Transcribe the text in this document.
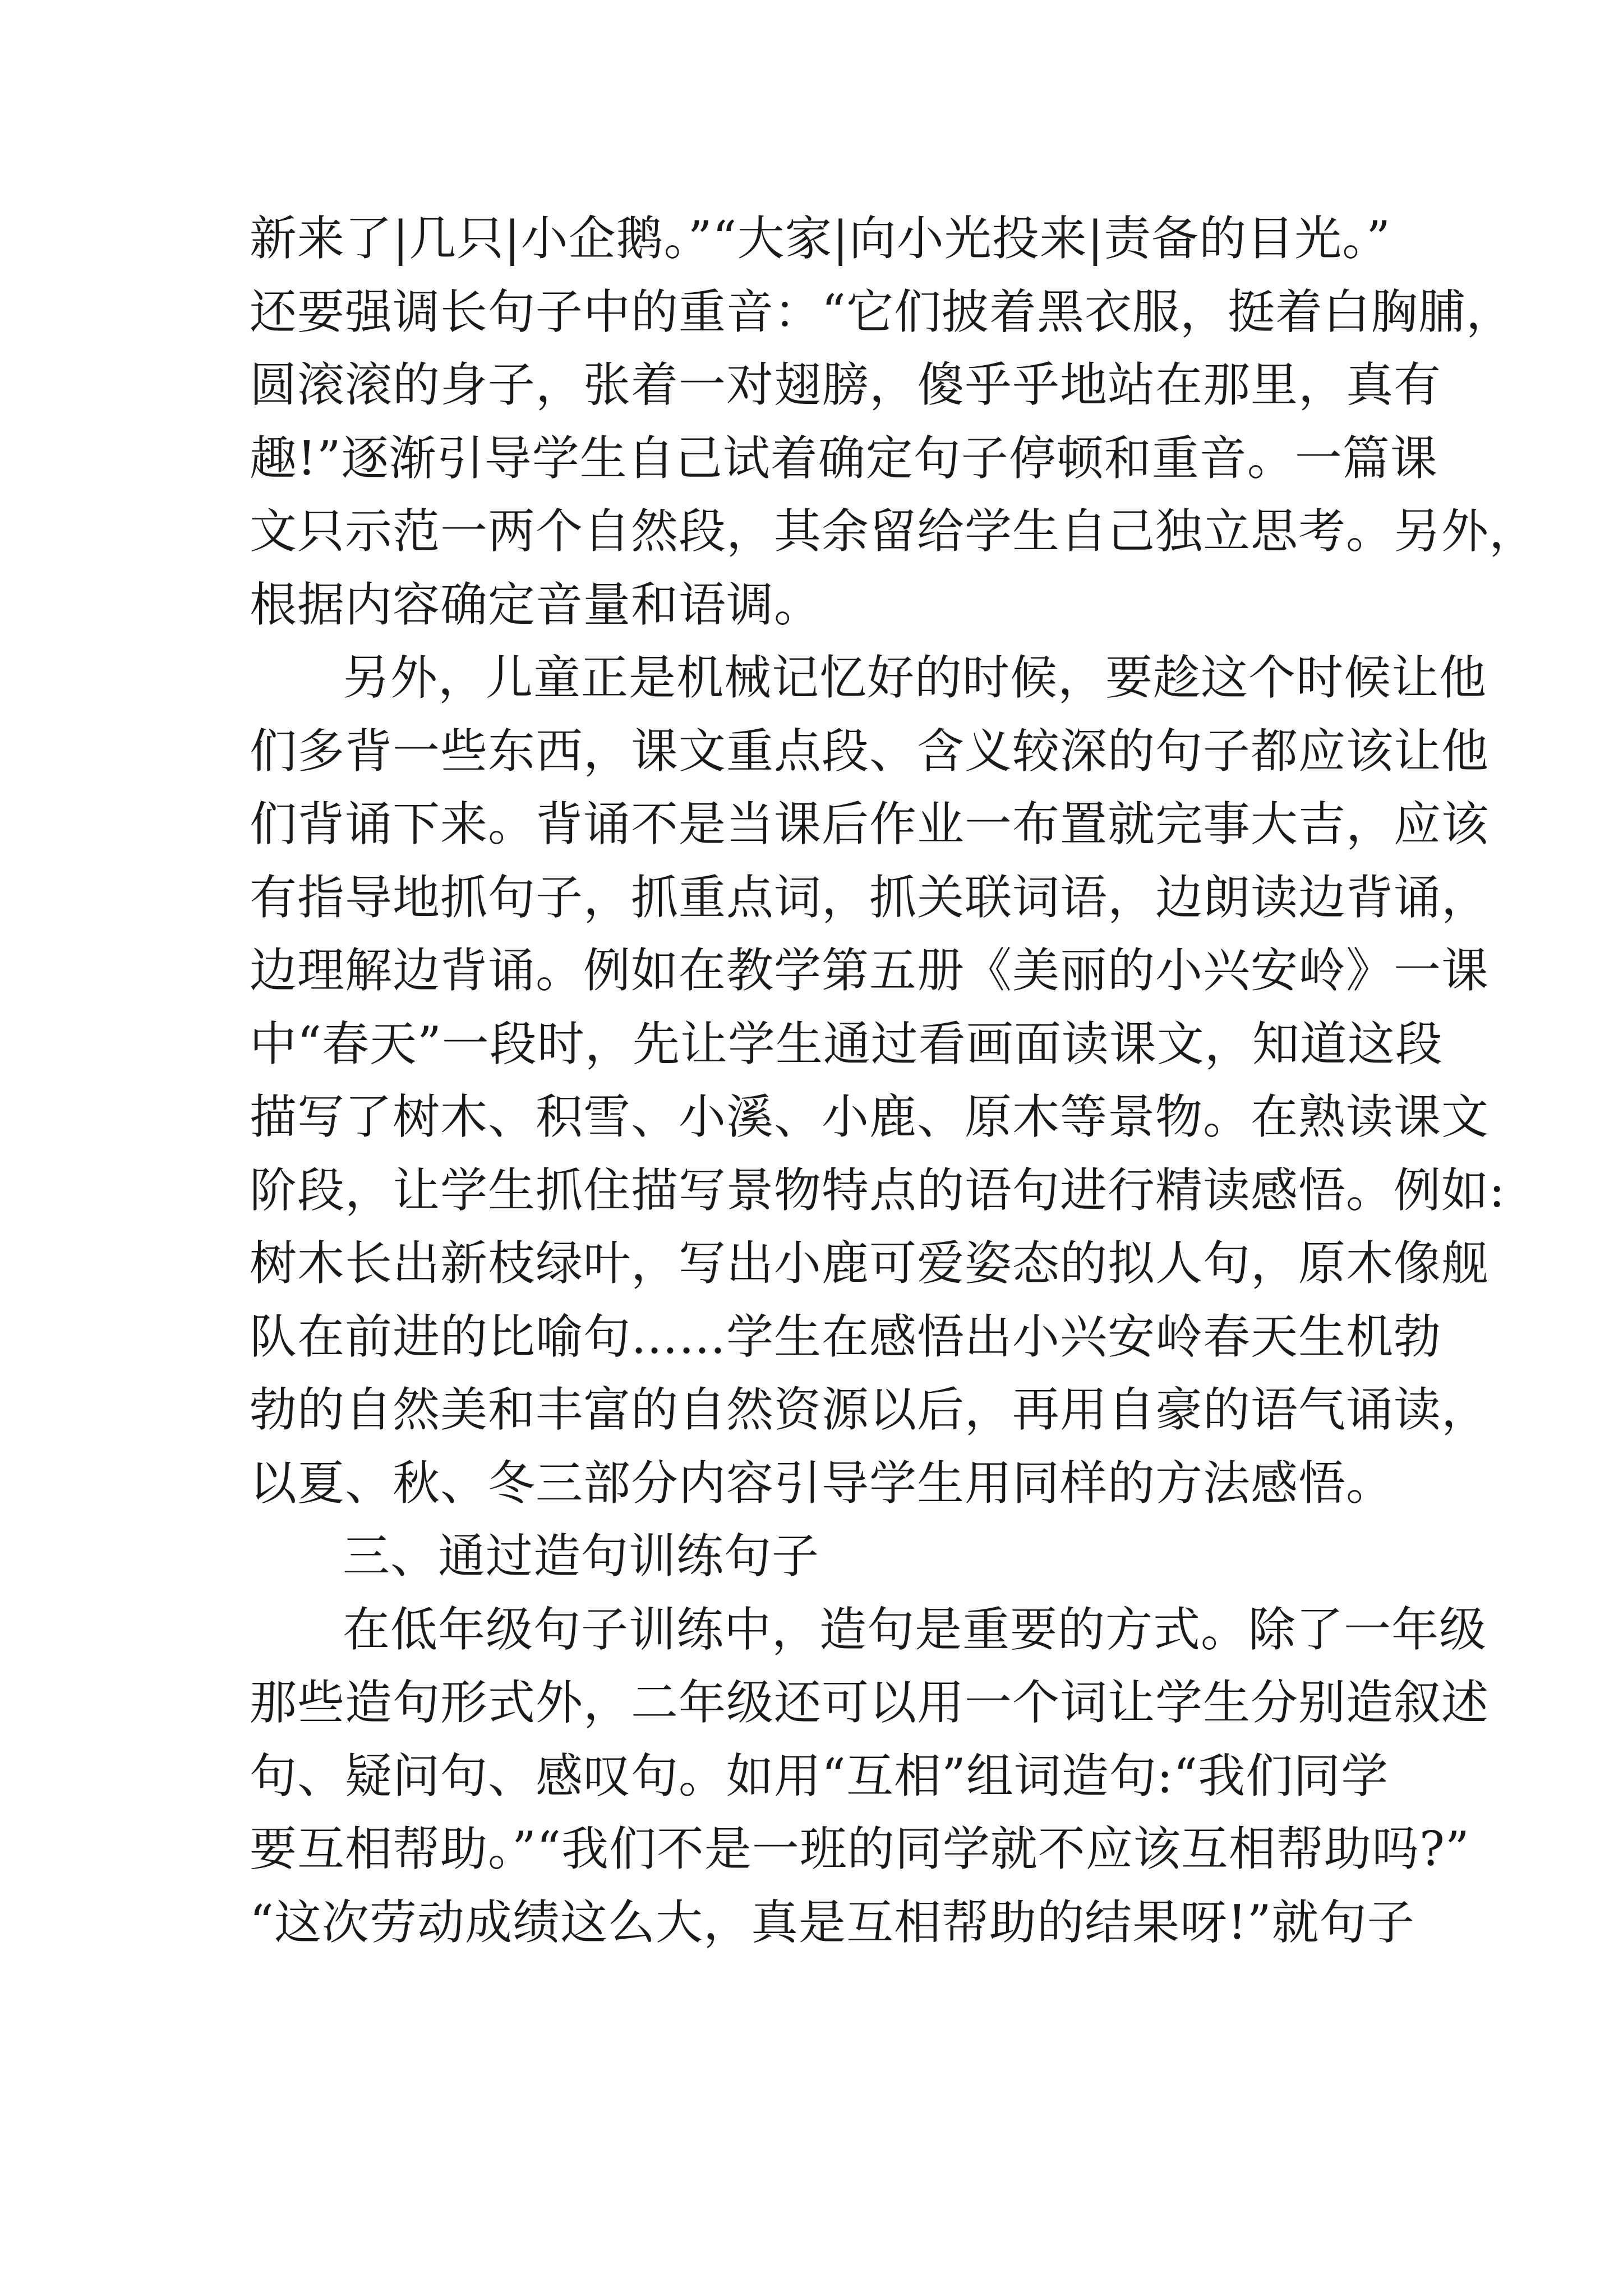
新来了|几只|小企鹅。”“大家|向小光投来|责备的目光。”
还要强调长句子中的重音：“它们披着黑衣服，挺着白胸脯，
圆滚滚的身子，张着一对翅膀，傻乎乎地站在那里，真有
趣!”逐渐引导学生自己试着确定句子停顿和重音。一篇课
文只示范一两个自然段，其余留给学生自己独立思考。另外，
根据内容确定音量和语调。
另外，儿童正是机械记忆好的时候，要趁这个时候让他
们多背一些东西，课文重点段、含义较深的句子都应该让他
们背诵下来。背诵不是当课后作业一布置就完事大吉，应该
有指导地抓句子，抓重点词，抓关联词语，边朗读边背诵，
边理解边背诵。例如在教学第五册《美丽的小兴安岭》一课
中“春天”一段时，先让学生通过看画面读课文，知道这段
描写了树木、积雪、小溪、小鹿、原木等景物。在熟读课文
阶段，让学生抓住描写景物特点的语句进行精读感悟。例如:
树木长出新枝绿叶，写出小鹿可爱姿态的拟人句，原木像舰
队在前进的比喻句……学生在感悟出小兴安岭春天生机勃
勃的自然美和丰富的自然资源以后，再用自豪的语气诵读，
以夏、秋、冬三部分内容引导学生用同样的方法感悟。
三、通过造句训练句子
在低年级句子训练中，造句是重要的方式。除了一年级
那些造句形式外，二年级还可以用一个词让学生分别造叙述
句、疑问句、感叹句。如用“互相”组词造句:“我们同学
要互相帮助。”“我们不是一班的同学就不应该互相帮助吗?”
“这次劳动成绩这么大，真是互相帮助的结果呀!”就句子
